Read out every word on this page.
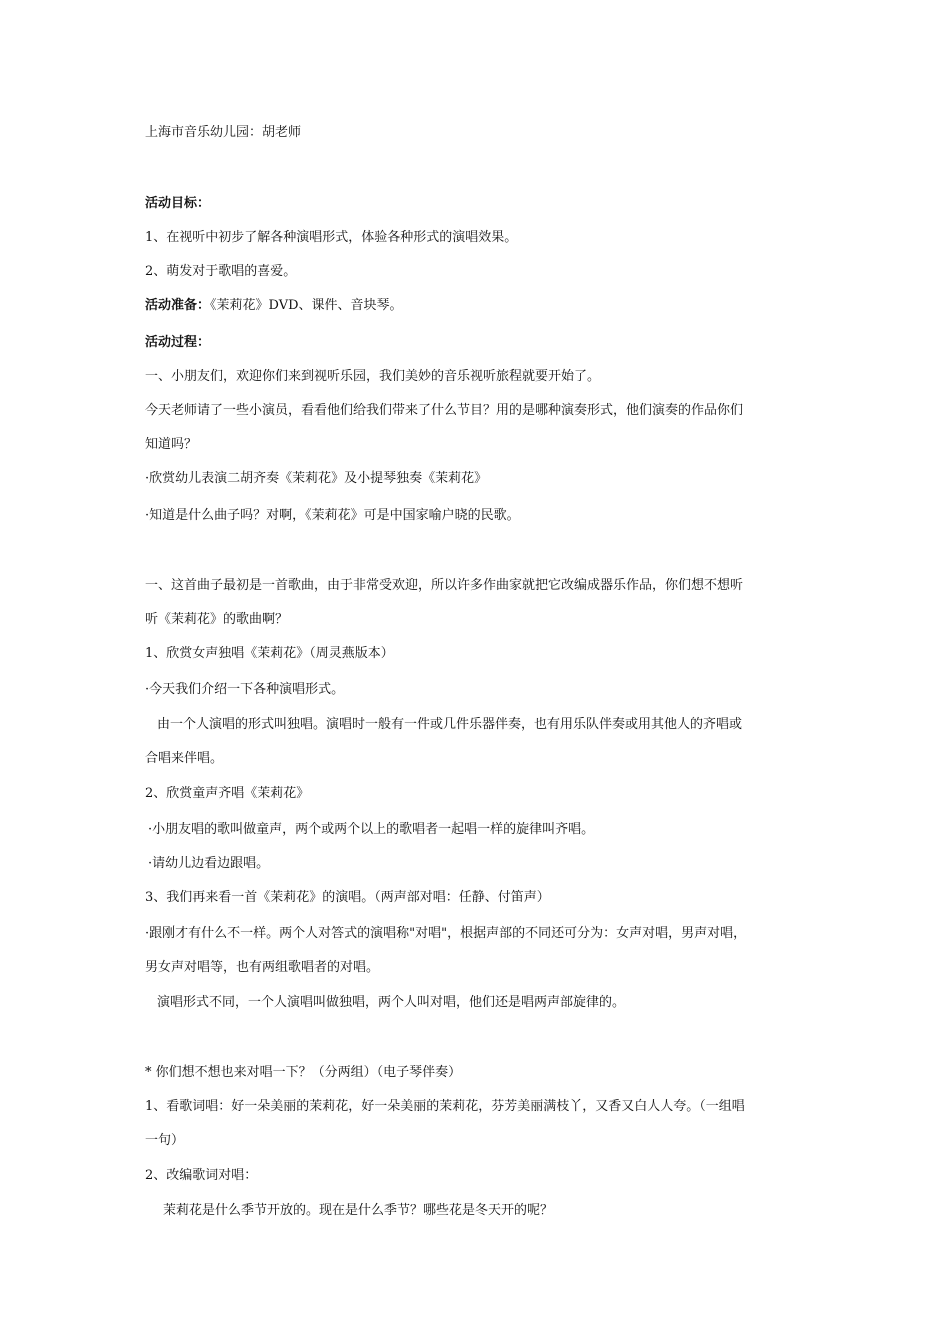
上海市音乐幼儿园：胡老师
活动目标：
1、在视听中初步了解各种演唱形式，体验各种形式的演唱效果。
2、萌发对于歌唱的喜爱。
活动准备：《茉莉花》DVD、课件、音块琴。
活动过程：
一、小朋友们，欢迎你们来到视听乐园，我们美妙的音乐视听旅程就要开始了。
今天老师请了一些小演员，看看他们给我们带来了什么节目？用的是哪种演奏形式，他们演奏的作品你们
知道吗？
·欣赏幼儿表演二胡齐奏《茉莉花》及小提琴独奏《茉莉花》
·知道是什么曲子吗？对啊，《茉莉花》可是中国家喻户晓的民歌。
一、这首曲子最初是一首歌曲，由于非常受欢迎，所以许多作曲家就把它改编成器乐作品，你们想不想听
听《茉莉花》的歌曲啊？
1、欣赏女声独唱《茉莉花》（周灵燕版本）
·今天我们介绍一下各种演唱形式。
由一个人演唱的形式叫独唱。演唱时一般有一件或几件乐器伴奏，也有用乐队伴奏或用其他人的齐唱或
合唱来伴唱。
2、欣赏童声齐唱《茉莉花》
·小朋友唱的歌叫做童声，两个或两个以上的歌唱者一起唱一样的旋律叫齐唱。
·请幼儿边看边跟唱。
3、我们再来看一首《茉莉花》的演唱。（两声部对唱：任静、付笛声）
·跟刚才有什么不一样。两个人对答式的演唱称"对唱"，根据声部的不同还可分为：女声对唱，男声对唱，
男女声对唱等，也有两组歌唱者的对唱。
演唱形式不同，一个人演唱叫做独唱，两个人叫对唱，他们还是唱两声部旋律的。
* 你们想不想也来对唱一下？（分两组）（电子琴伴奏）
1、看歌词唱：好一朵美丽的茉莉花，好一朵美丽的茉莉花，芬芳美丽满枝丫，又香又白人人夸。（一组唱
一句）
2、改编歌词对唱：
茉莉花是什么季节开放的。现在是什么季节？哪些花是冬天开的呢？
